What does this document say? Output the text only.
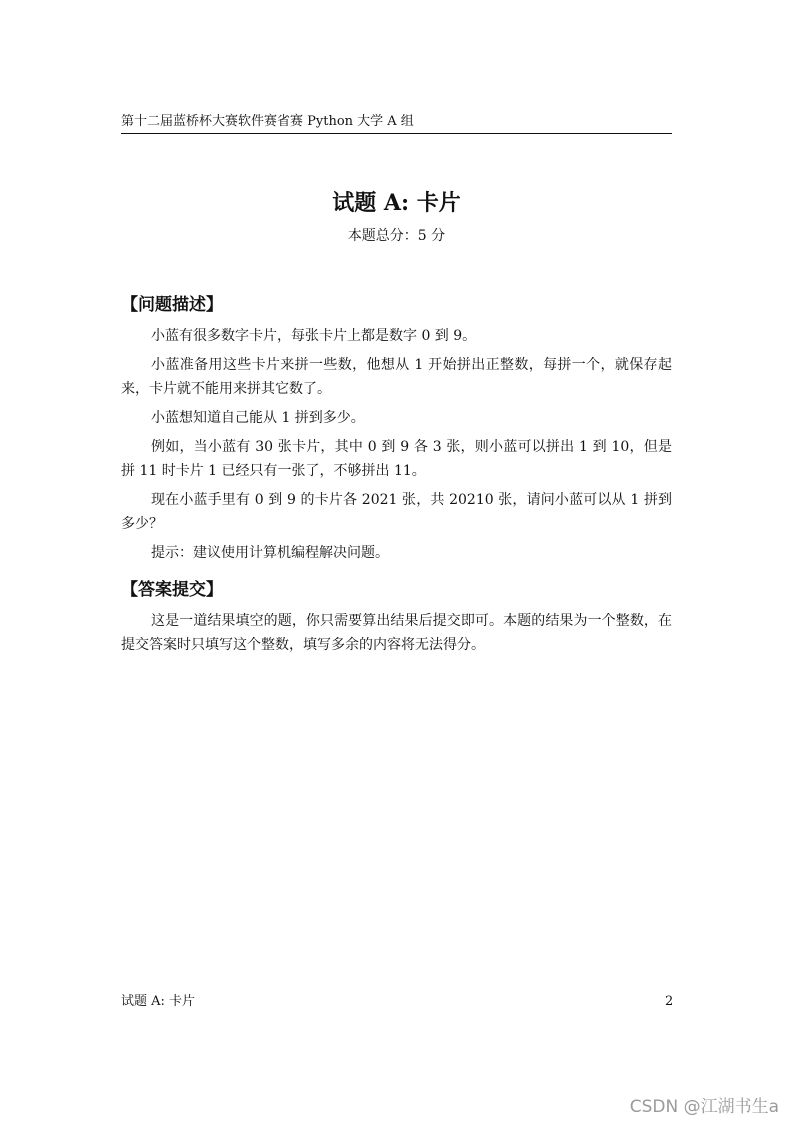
第十二届蓝桥杯大赛软件赛省赛 Python 大学 A 组
试题 A: 卡片
本题总分：5 分
【问题描述】

小蓝有很多数字卡片，每张卡片上都是数字 0 到 9。

小蓝准备用这些卡片来拼一些数，他想从 1 开始拼出正整数，每拼一个，就保存起来，卡片就不能用来拼其它数了。

小蓝想知道自己能从 1 拼到多少。

例如，当小蓝有 30 张卡片，其中 0 到 9 各 3 张，则小蓝可以拼出 1 到 10，但是拼 11 时卡片 1 已经只有一张了，不够拼出 11。

现在小蓝手里有 0 到 9 的卡片各 2021 张，共 20210 张，请问小蓝可以从 1 拼到多少？

提示：建议使用计算机编程解决问题。

【答案提交】

这是一道结果填空的题，你只需要算出结果后提交即可。本题的结果为一个整数，在提交答案时只填写这个整数，填写多余的内容将无法得分。

试题 A: 卡片	2
CSDN @江湖书生a
